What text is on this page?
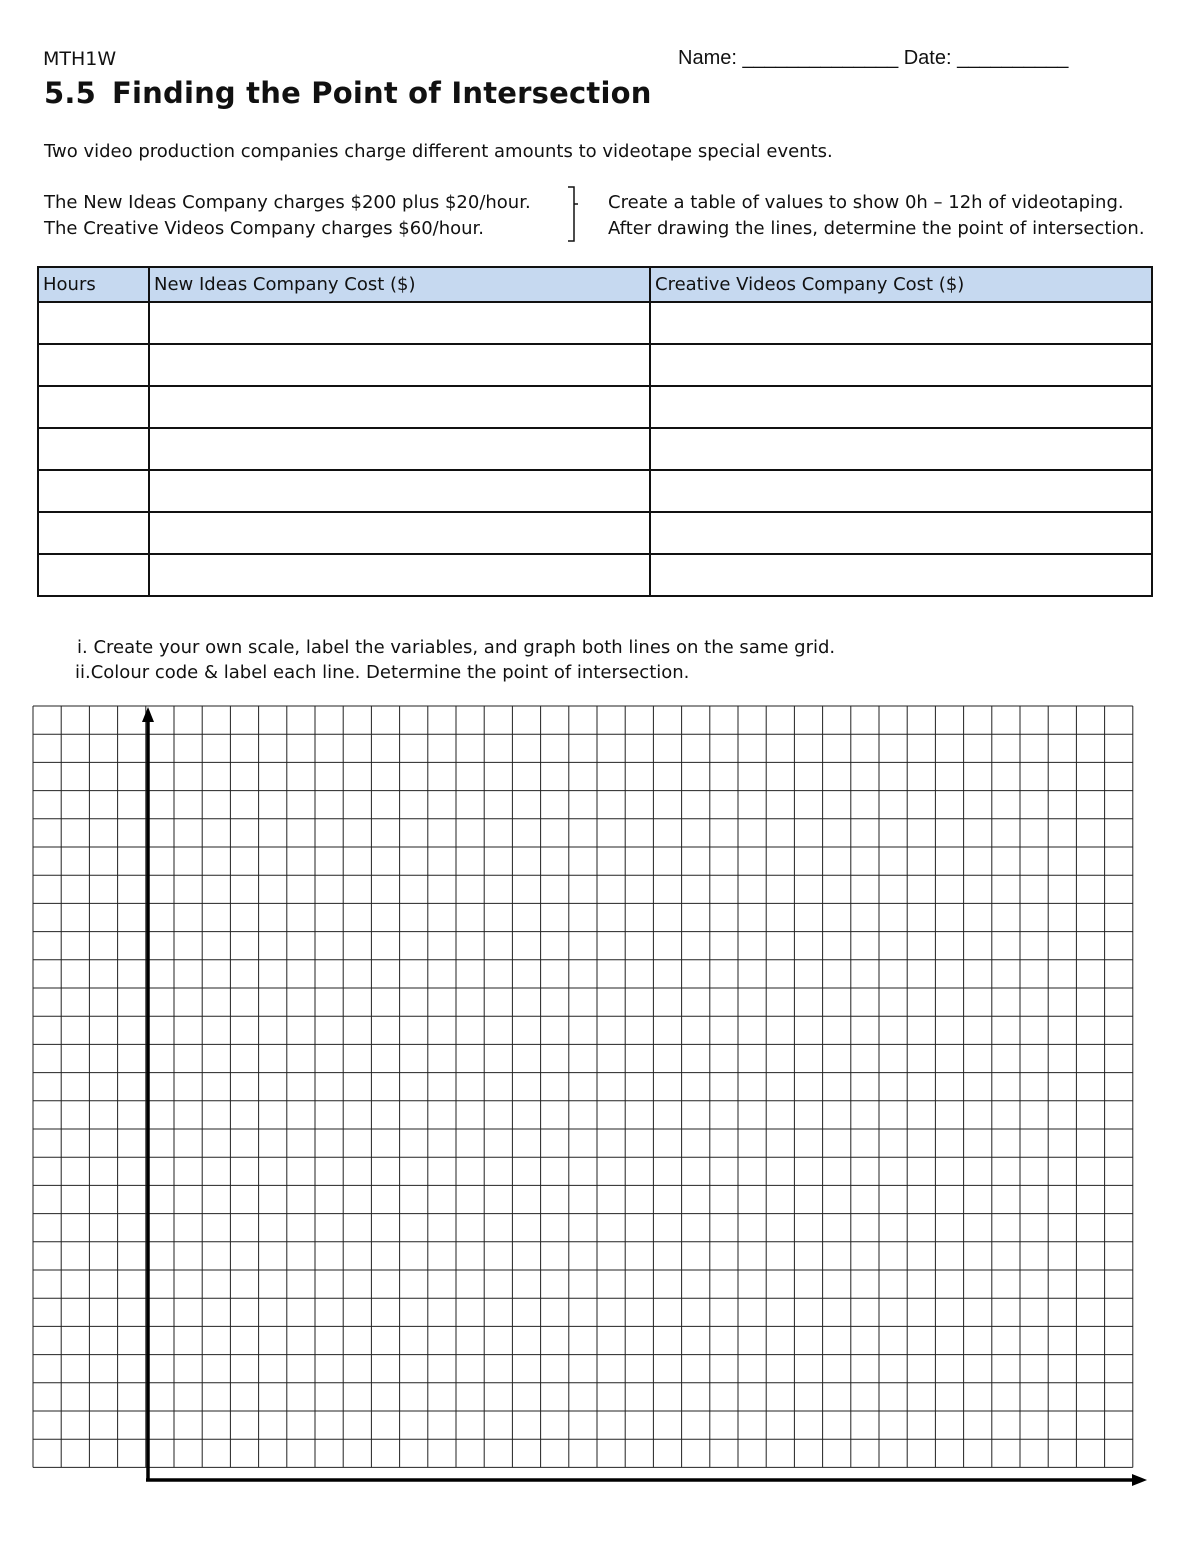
MTH1W	Name: ______________ Date: __________
5.5 Finding the Point of Intersection
Two video production companies charge different amounts to videotape special events.
The New Ideas Company charges $200 plus $20/hour.
The Creative Videos Company charges $60/hour.
Create a table of values to show 0h – 12h of videotaping.
After drawing the lines, determine the point of intersection.
Hours	New Ideas Company Cost ($)	Creative Videos Company Cost ($)

i. Create your own scale, label the variables, and graph both lines on the same grid.
ii.Colour code & label each line. Determine the point of intersection.
